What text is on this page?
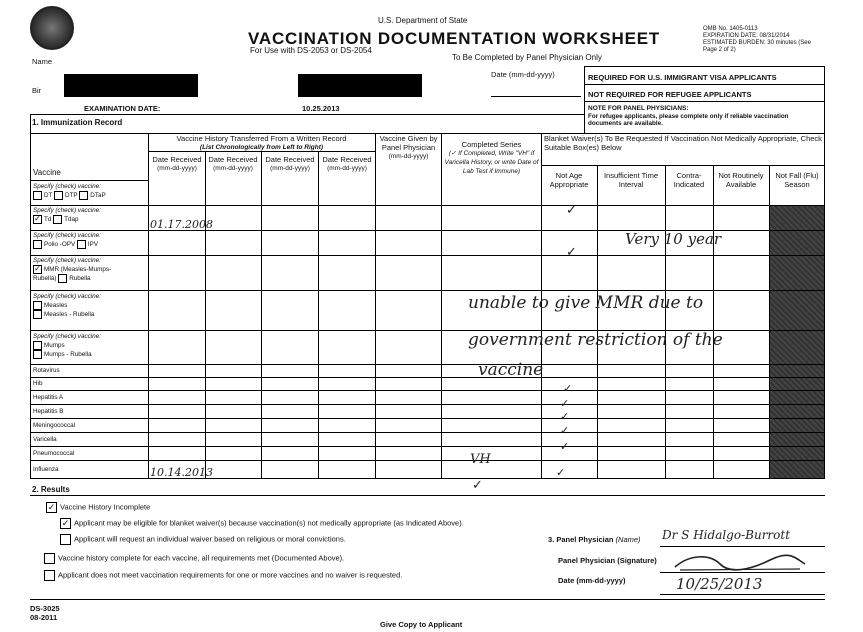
U.S. Department of State
VACCINATION DOCUMENTATION WORKSHEET
For Use with DS-2053 or DS-2054
To Be Completed by Panel Physician Only
OMB No. 1405-0113
EXPIRATION DATE: 08/31/2014
ESTIMATED BURDEN: 30 minutes (See
Page 2 of 2)
Name
Bir
Date (mm-dd-yyyy)
EXAMINATION DATE:	10.25.2013
REQUIRED FOR U.S. IMMIGRANT VISA APPLICANTS
NOT REQUIRED FOR REFUGEE APPLICANTS
NOTE FOR PANEL PHYSICIANS:
For refugee applicants, please complete only if reliable vaccination documents are available.
1. Immunization Record
Vaccine History Transferred From a Written Record
(List Chronologically from Left to Right)
Date Received
(mm-dd-yyyy)
Date Received
(mm-dd-yyyy)
Date Received
(mm-dd-yyyy)
Date Received
(mm-dd-yyyy)
Vaccine
Vaccine Given by Panel Physician
(mm-dd-yyyy)
Completed Series
(✓ If Completed, Write "VH" if Varicella History, or write Date of Lab Test if Immune)
Blanket Waiver(s) To Be Requested If Vaccination Not Medically Appropriate, Check Suitable Box(es) Below
Not Age Appropriate
Insufficient Time Interval
Contra-Indicated
Not Routinely Available
Not Fall (Flu) Season
Specify (check) vaccine:
DT DTP DTaP
Specify (check) vaccine:
✓ Td Tdap
Specify (check) vaccine:
Polio -OPV IPV
Specify (check) vaccine:
✓ MMR (Measles-Mumps-
Rubella) Rubella
Specify (check) vaccine:
Measles
Measles - Rubella
Specify (check) vaccine:
Mumps
Mumps - Rubella
Rotavirus
Hib
Hepatitis A
Hepatitis B
Meningococcal
Varicella
Pneumococcal
Influenza
01.17.2008
10.14.2013
unable to give MMR due to
government restriction of the
vaccine
Very 10 year
VH
✓
✓
✓
✓
✓
✓
✓
✓
✓
2. Results
✓ Vaccine History Incomplete
✓ Applicant may be eligible for blanket waiver(s) because vaccination(s) not medically appropriate (as Indicated Above).
Applicant will request an individual waiver based on religious or moral convictions.
Vaccine history complete for each vaccine, all requirements met (Documented Above).
Applicant does not meet vaccination requirements for one or more vaccines and no waiver is requested.
3. Panel Physician (Name) Dr S Hidalgo-Burrott
Panel Physician (Signature)
Date (mm-dd-yyyy)	10/25/2013
DS-3025
08-2011
Give Copy to Applicant
